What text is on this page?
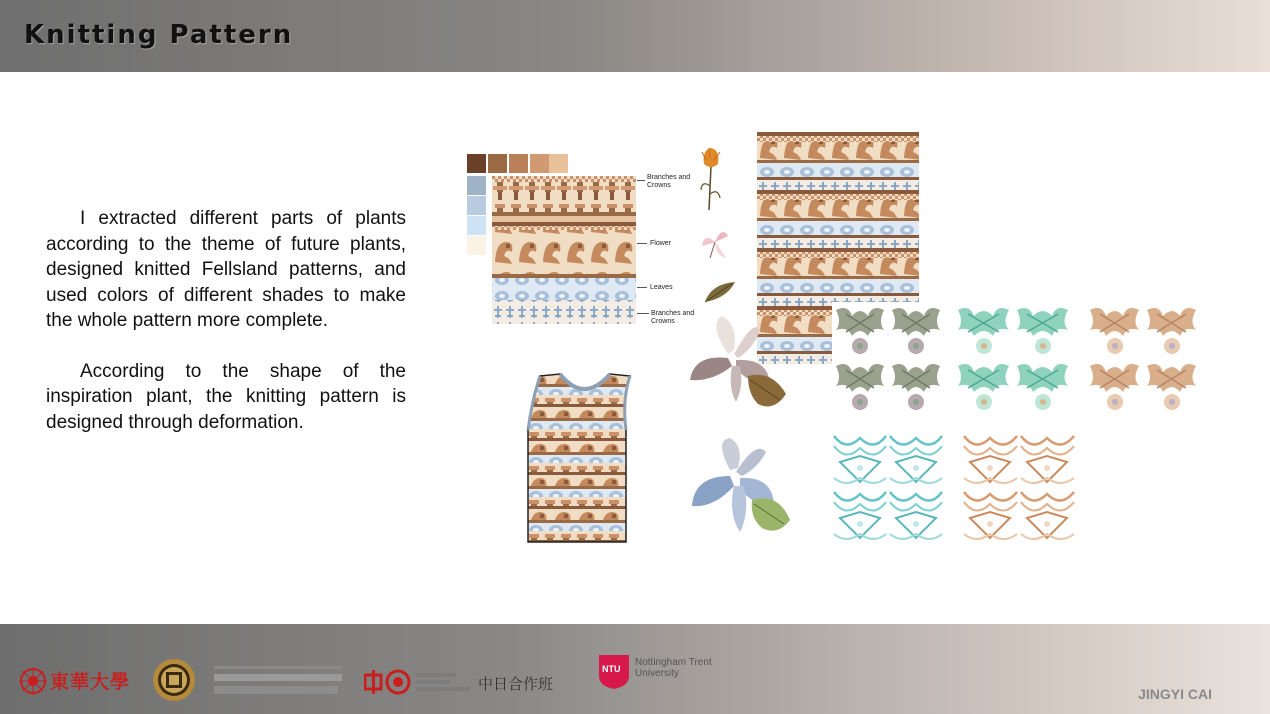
Knitting Pattern

I extracted different parts of plants according to the theme of future plants, designed knitted Fellsland patterns, and used colors of different shades to make the whole pattern more complete.

According to the shape of the inspiration plant, the knitting pattern is designed through deformation.

Branches and Crowns
Flower
Leaves
Branches and Crowns
東華大學	中日合作班
NTU
Nottingham Trent University
JINGYI CAI
